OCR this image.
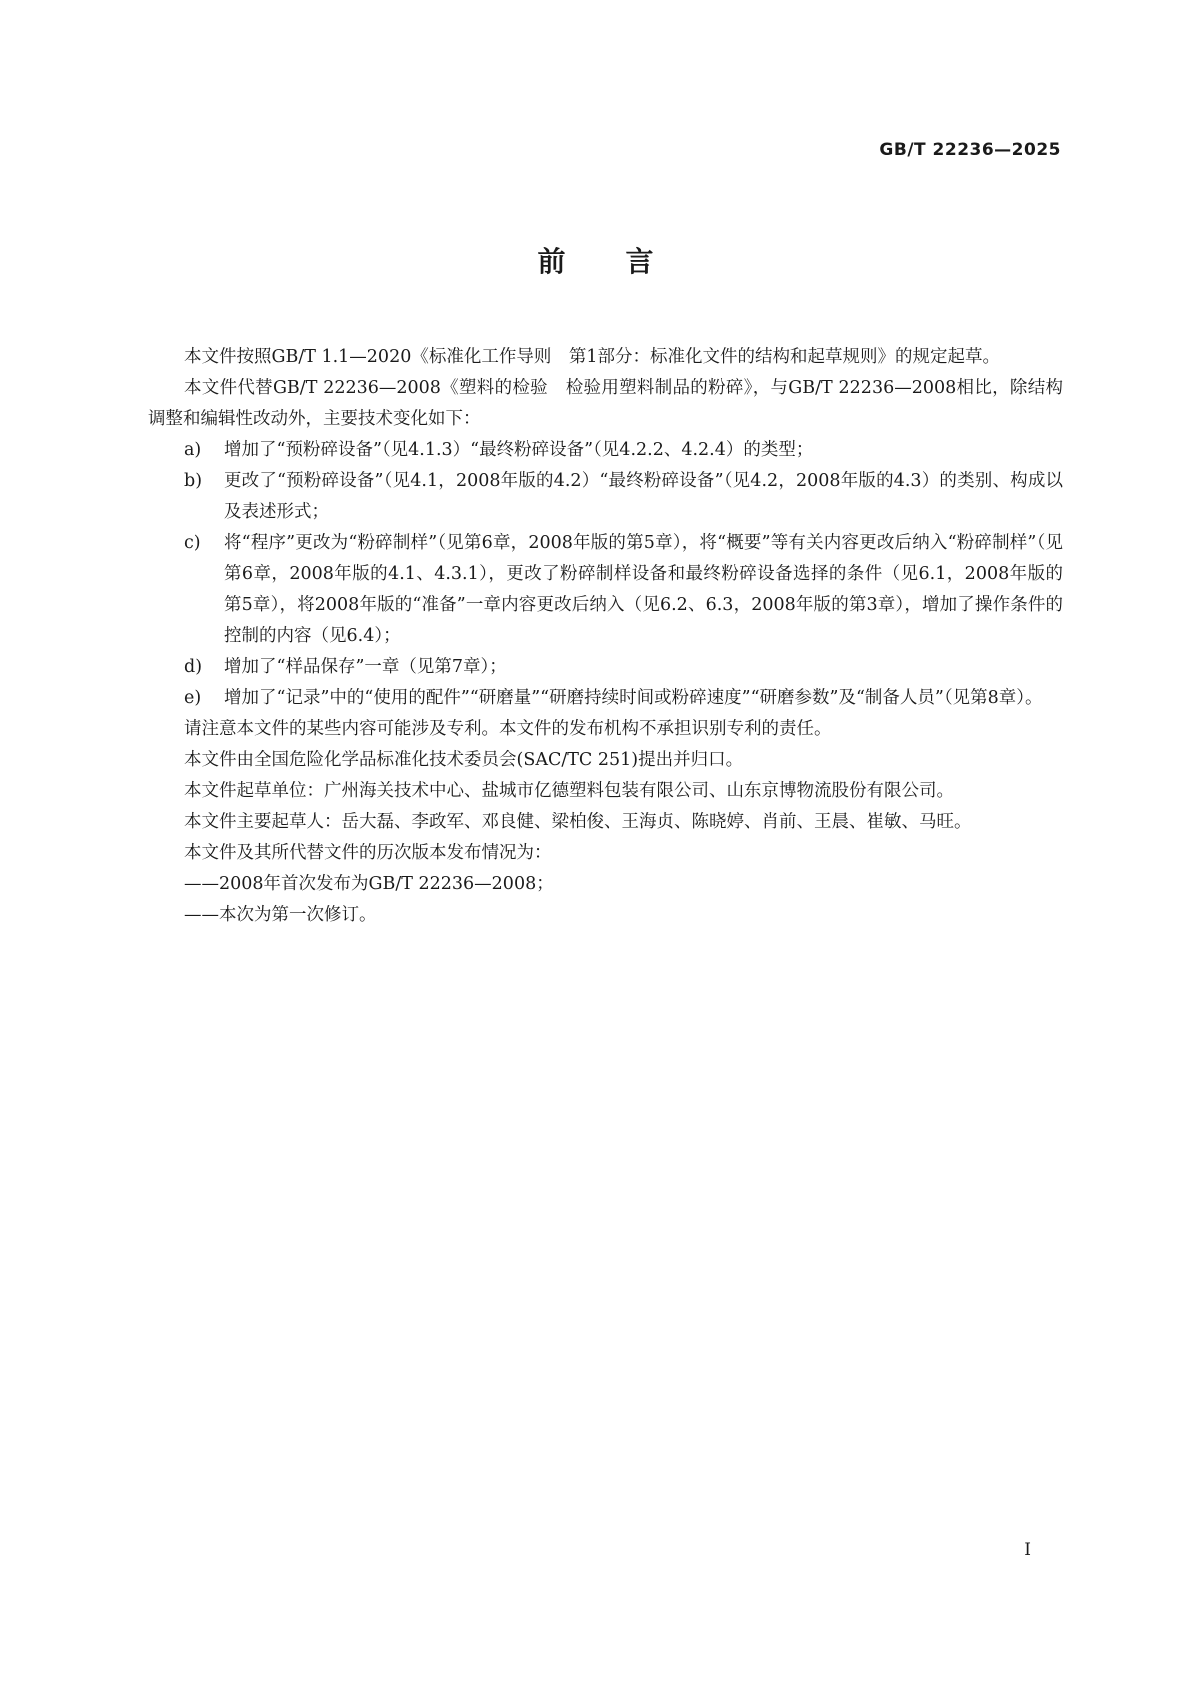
GB/T 22236—2025
前言

本文件按照GB/T 1.1—2020《标准化工作导则　第1部分：标准化文件的结构和起草规则》的规定起草。

本文件代替GB/T 22236—2008《塑料的检验　检验用塑料制品的粉碎》，与GB/T 22236—2008相比，除结构调整和编辑性改动外，主要技术变化如下：

a) 增加了“预粉碎设备”（见4.1.3）“最终粉碎设备”（见4.2.2、4.2.4）的类型；

b) 更改了“预粉碎设备”（见4.1，2008年版的4.2）“最终粉碎设备”（见4.2，2008年版的4.3）的类别、构成以及表述形式；

c) 将“程序”更改为“粉碎制样”（见第6章，2008年版的第5章），将“概要”等有关内容更改后纳入“粉碎制样”（见第6章，2008年版的4.1、4.3.1），更改了粉碎制样设备和最终粉碎设备选择的条件（见6.1，2008年版的第5章），将2008年版的“准备”一章内容更改后纳入（见6.2、6.3，2008年版的第3章），增加了操作条件的控制的内容（见6.4）；

d) 增加了“样品保存”一章（见第7章）；

e) 增加了“记录”中的“使用的配件”“研磨量”“研磨持续时间或粉碎速度”“研磨参数”及“制备人员”（见第8章）。

请注意本文件的某些内容可能涉及专利。本文件的发布机构不承担识别专利的责任。

本文件由全国危险化学品标准化技术委员会(SAC/TC 251)提出并归口。

本文件起草单位：广州海关技术中心、盐城市亿德塑料包装有限公司、山东京博物流股份有限公司。

本文件主要起草人：岳大磊、李政军、邓良健、梁柏俊、王海贞、陈晓婷、肖前、王晨、崔敏、马旺。

本文件及其所代替文件的历次版本发布情况为：

——2008年首次发布为GB/T 22236—2008；

——本次为第一次修订。

I
